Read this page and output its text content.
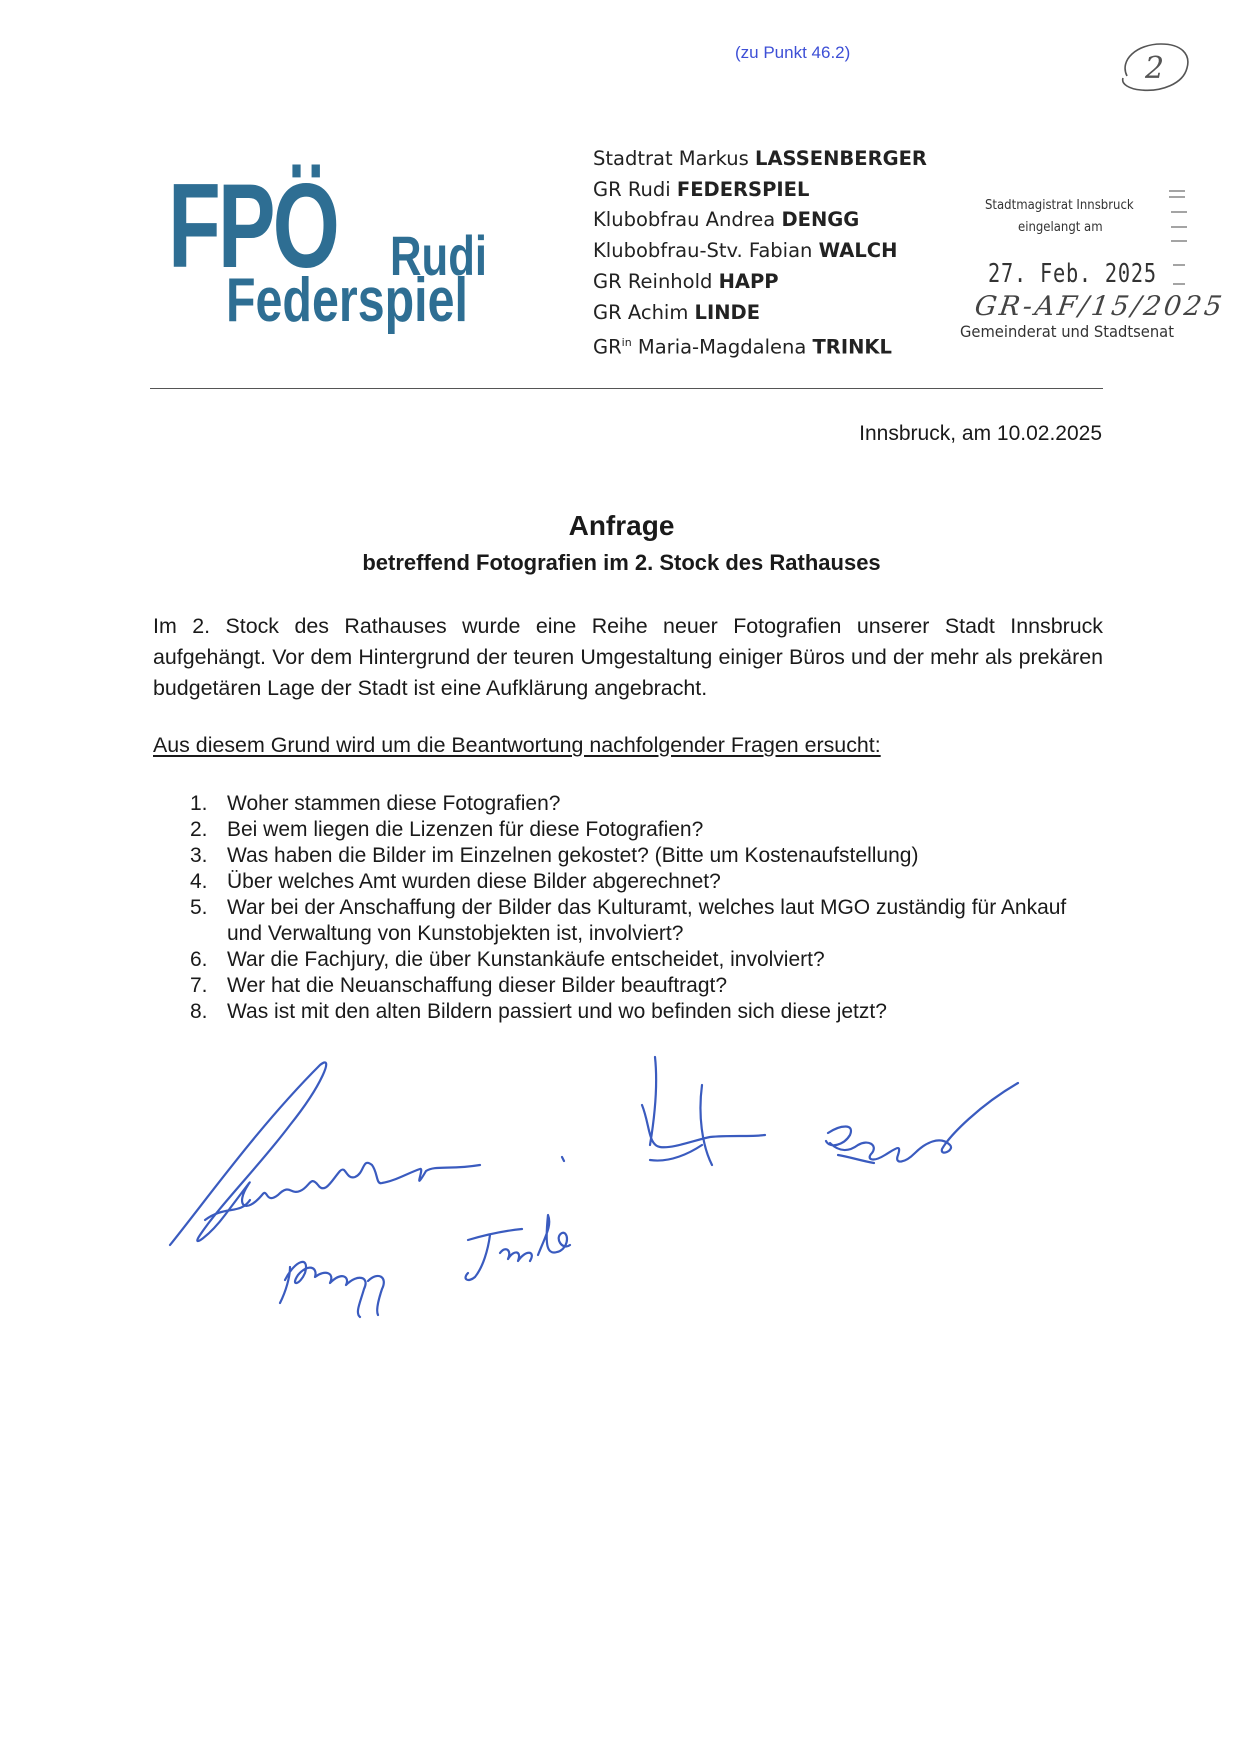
(zu Punkt 46.2)	2
FPÖ Rudi
Federspiel
Stadtrat Markus LASSENBERGER
GR Rudi FEDERSPIEL
Klubobfrau Andrea DENGG
Klubobfrau-Stv. Fabian WALCH
GR Reinhold HAPP
GR Achim LINDE
$GR^{in}$ Maria-Magdalena TRINKL
Stadtmagistrat Innsbruck
eingelangt am
27. Feb. 2025
GR-AF/15/2025
Gemeinderat und Stadtsenat
Innsbruck, am 10.02.2025
Anfrage
betreffend Fotografien im 2. Stock des Rathauses
Im 2. Stock des Rathauses wurde eine Reihe neuer Fotografien unserer Stadt Innsbruck aufgehängt. Vor dem Hintergrund der teuren Umgestaltung einiger Büros und der mehr als prekären budgetären Lage der Stadt ist eine Aufklärung angebracht.
Aus diesem Grund wird um die Beantwortung nachfolgender Fragen ersucht:
1. Woher stammen diese Fotografien?
2. Bei wem liegen die Lizenzen für diese Fotografien?
3. Was haben die Bilder im Einzelnen gekostet? (Bitte um Kostenaufstellung)
4. Über welches Amt wurden diese Bilder abgerechnet?
5. War bei der Anschaffung der Bilder das Kulturamt, welches laut MGO zuständig für Ankauf und Verwaltung von Kunstobjekten ist, involviert?
6. War die Fachjury, die über Kunstankäufe entscheidet, involviert?
7. Wer hat die Neuanschaffung dieser Bilder beauftragt?
8. Was ist mit den alten Bildern passiert und wo befinden sich diese jetzt?
